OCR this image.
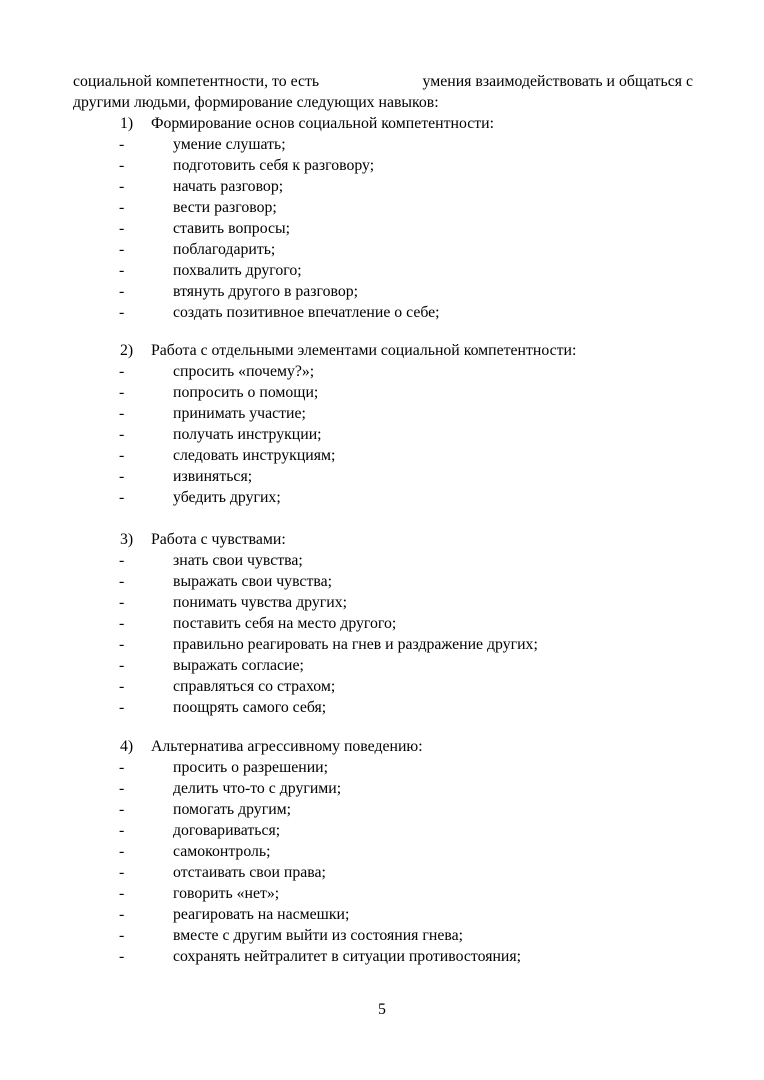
социальной компетентности, то есть	умения взаимодействовать и общаться с
другими людьми, формирование следующих навыков:
1) Формирование основ социальной компетентности:
-	умение слушать;
-	подготовить себя к разговору;
-	начать разговор;
-	вести разговор;
-	ставить вопросы;
-	поблагодарить;
-	похвалить другого;
-	втянуть другого в разговор;
-	создать позитивное впечатление о себе;
2) Работа с отдельными элементами социальной компетентности:
-	спросить «почему?»;
-	попросить о помощи;
-	принимать участие;
-	получать инструкции;
-	следовать инструкциям;
-	извиняться;
-	убедить других;
3) Работа с чувствами:
-	знать свои чувства;
-	выражать свои чувства;
-	понимать чувства других;
-	поставить себя на место другого;
-	правильно реагировать на гнев и раздражение других;
-	выражать согласие;
-	справляться со страхом;
-	поощрять самого себя;
4) Альтернатива агрессивному поведению:
-	просить о разрешении;
-	делить что-то с другими;
-	помогать другим;
-	договариваться;
-	самоконтроль;
-	отстаивать свои права;
-	говорить «нет»;
-	реагировать на насмешки;
-	вместе с другим выйти из состояния гнева;
-	сохранять нейтралитет в ситуации противостояния;
5
